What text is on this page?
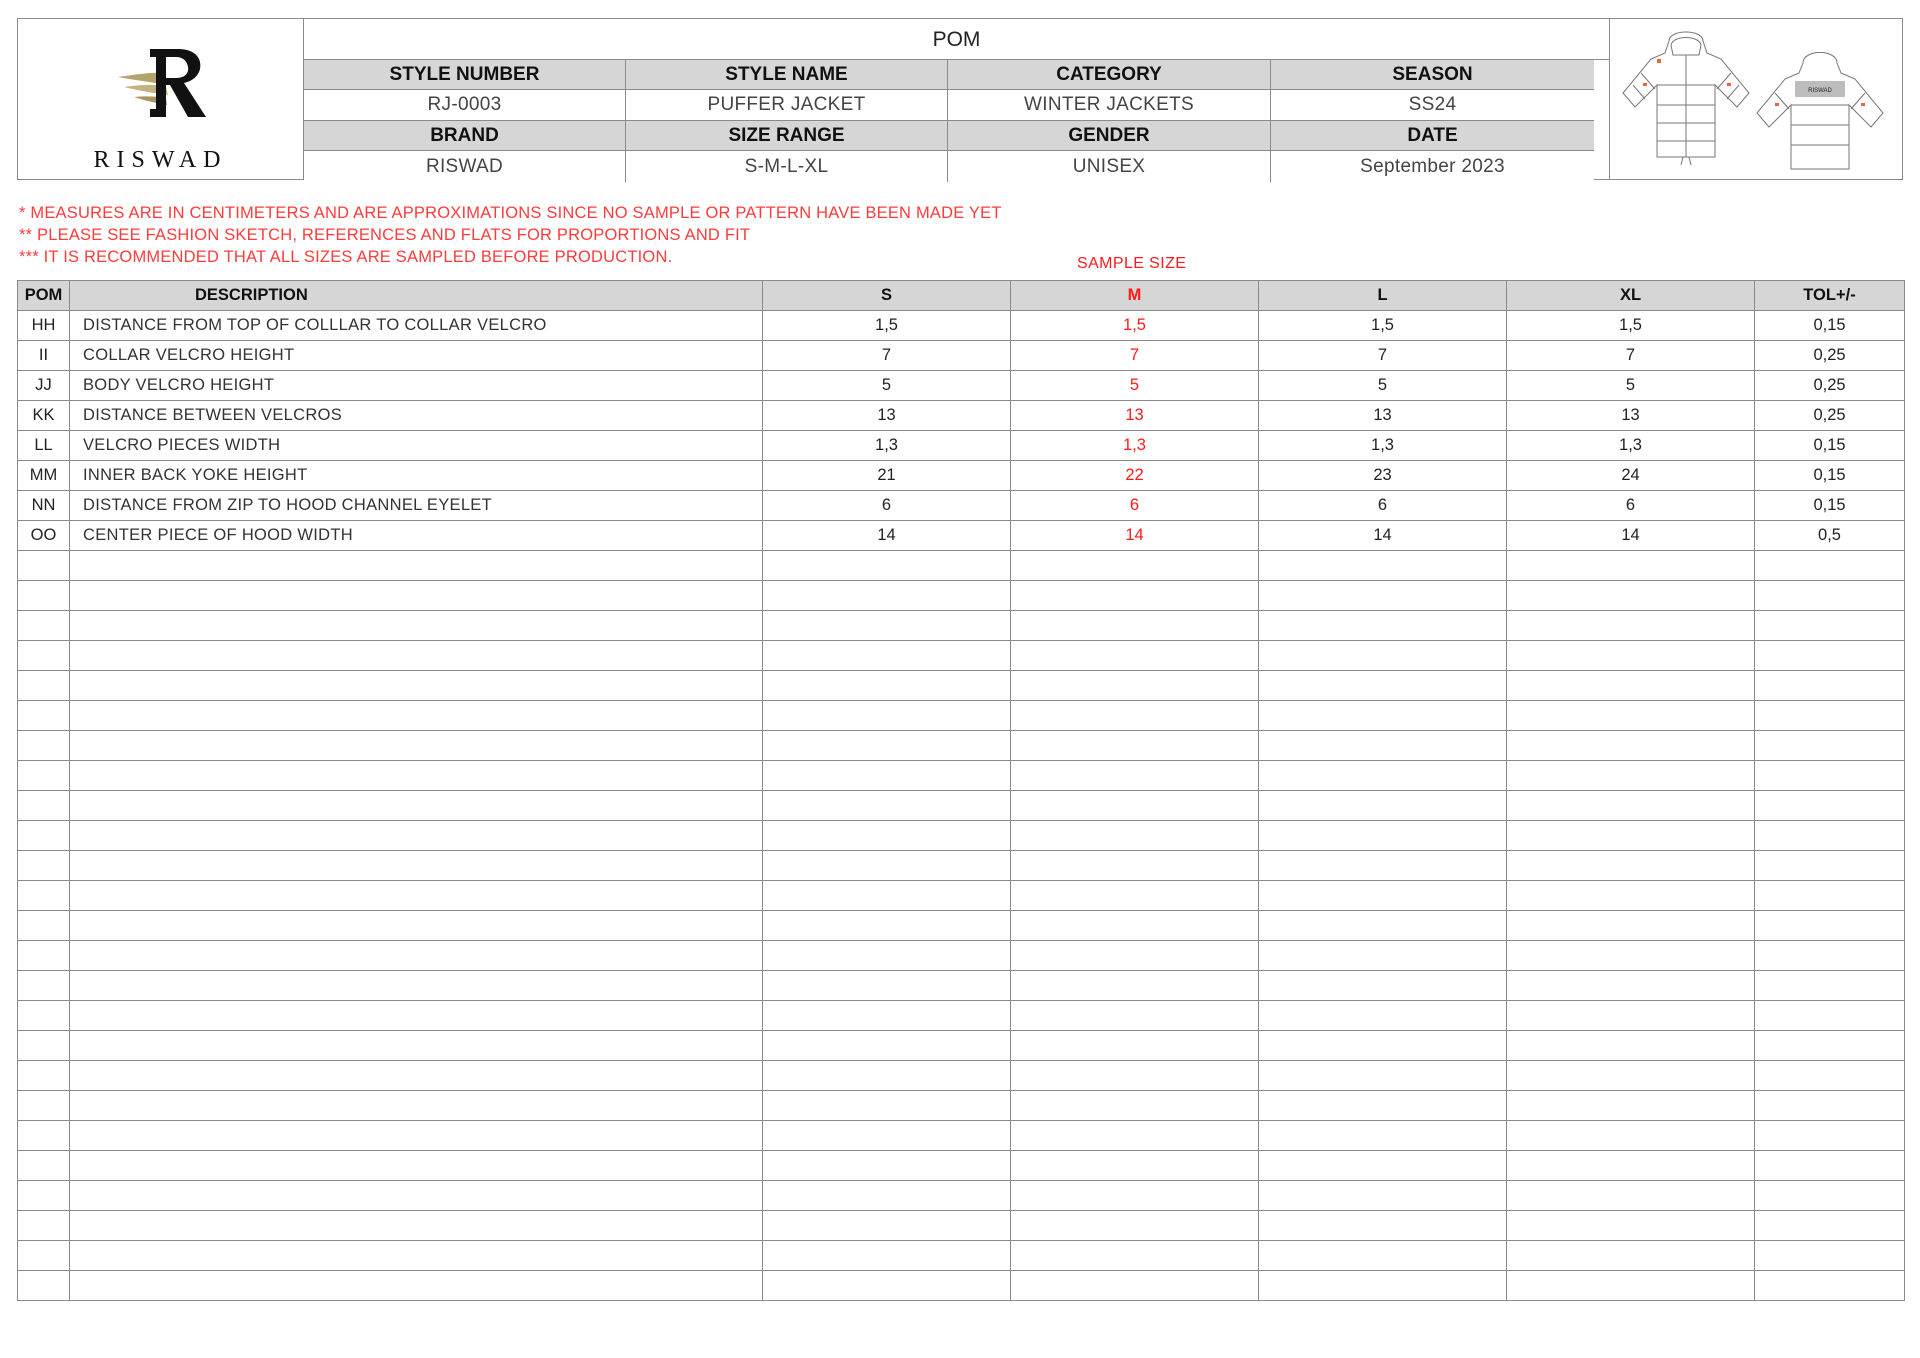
RISWAD
POM
STYLE NUMBER	STYLE NAME	CATEGORY	SEASON
RJ-0003	PUFFER JACKET	WINTER JACKETS	SS24
BRAND	SIZE RANGE	GENDER	DATE
RISWAD	S-M-L-XL	UNISEX	September 2023
RISWAD
* MEASURES ARE IN CENTIMETERS AND ARE APPROXIMATIONS SINCE NO SAMPLE OR PATTERN HAVE BEEN MADE YET
** PLEASE SEE FASHION SKETCH, REFERENCES AND FLATS FOR PROPORTIONS AND FIT
*** IT IS RECOMMENDED THAT ALL SIZES ARE SAMPLED BEFORE PRODUCTION.	SAMPLE SIZE
POM	DESCRIPTION	S	M	L	XL	TOL+/-
HH	DISTANCE FROM TOP OF COLLLAR TO COLLAR VELCRO	1,5	1,5	1,5	1,5	0,15
II	COLLAR VELCRO HEIGHT	7	7	7	7	0,25
JJ	BODY VELCRO HEIGHT	5	5	5	5	0,25
KK	DISTANCE BETWEEN VELCROS	13	13	13	13	0,25
LL	VELCRO PIECES WIDTH	1,3	1,3	1,3	1,3	0,15
MM	INNER BACK YOKE HEIGHT	21	22	23	24	0,15
NN	DISTANCE FROM ZIP TO HOOD CHANNEL EYELET	6	6	6	6	0,15
OO	CENTER PIECE OF HOOD WIDTH	14	14	14	14	0,5
